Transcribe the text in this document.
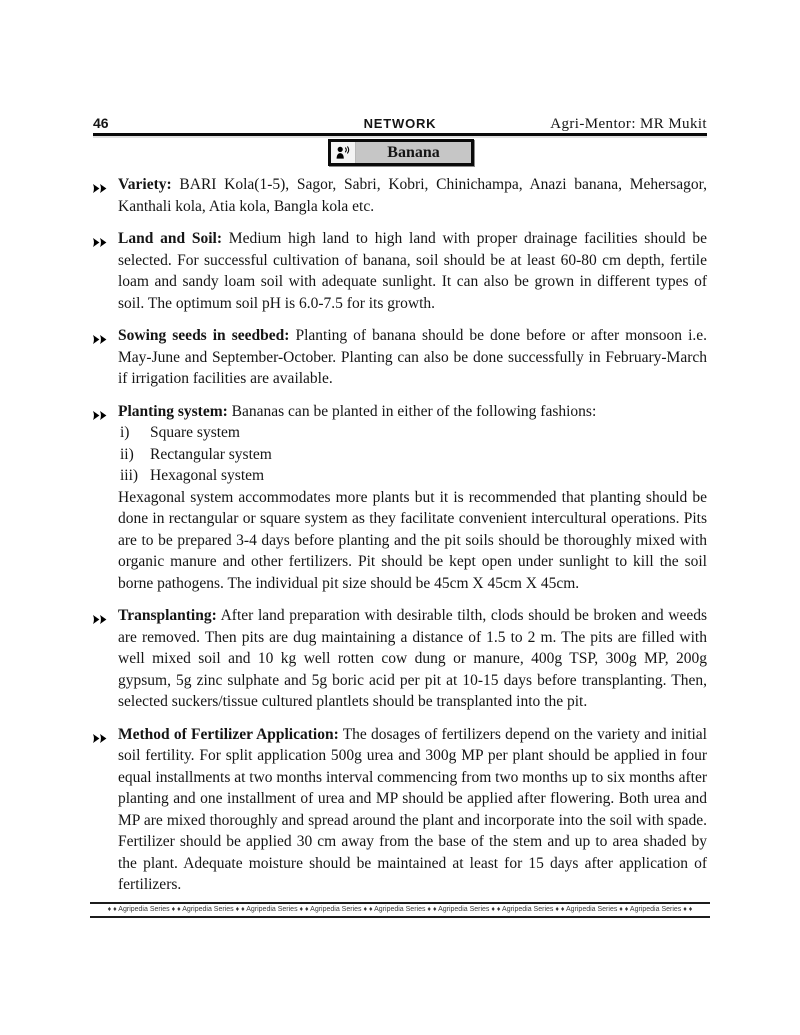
46	NETWORK	Agri-Mentor: MR Mukit
Banana

Variety: BARI Kola(1-5), Sagor, Sabri, Kobri, Chinichampa, Anazi banana, Mehersagor, Kanthali kola, Atia kola, Bangla kola etc.

Land and Soil: Medium high land to high land with proper drainage facilities should be selected. For successful cultivation of banana, soil should be at least 60-80 cm depth, fertile loam and sandy loam soil with adequate sunlight. It can also be grown in different types of soil. The optimum soil pH is 6.0-7.5 for its growth.

Sowing seeds in seedbed: Planting of banana should be done before or after monsoon i.e. May-June and September-October. Planting can also be done successfully in February-March if irrigation facilities are available.

Planting system: Bananas can be planted in either of the following fashions:

i)	Square system
ii)	Rectangular system
iii) Hexagonal system

Hexagonal system accommodates more plants but it is recommended that planting should be done in rectangular or square system as they facilitate convenient intercultural operations. Pits are to be prepared 3-4 days before planting and the pit soils should be thoroughly mixed with organic manure and other fertilizers. Pit should be kept open under sunlight to kill the soil borne pathogens. The individual pit size should be 45cm X 45cm X 45cm.

Transplanting: After land preparation with desirable tilth, clods should be broken and weeds are removed. Then pits are dug maintaining a distance of 1.5 to 2 m. The pits are filled with well mixed soil and 10 kg well rotten cow dung or manure, 400g TSP, 300g MP, 200g gypsum, 5g zinc sulphate and 5g boric acid per pit at 10-15 days before transplanting. Then, selected suckers/tissue cultured plantlets should be transplanted into the pit.

Method of Fertilizer Application: The dosages of fertilizers depend on the variety and initial soil fertility. For split application 500g urea and 300g MP per plant should be applied in four equal installments at two months interval commencing from two months up to six months after planting and one installment of urea and MP should be applied after flowering. Both urea and MP are mixed thoroughly and spread around the plant and incorporate into the soil with spade. Fertilizer should be applied 30 cm away from the base of the stem and up to area shaded by the plant. Adequate moisture should be maintained at least for 15 days after application of fertilizers.

♦ ♦ Agripedia Series ♦ ♦ Agripedia Series ♦ ♦ Agripedia Series ♦ ♦ Agripedia Series ♦ ♦ Agripedia Series ♦ ♦ Agripedia Series ♦ ♦ Agripedia Series ♦ ♦ Agripedia Series ♦ ♦ Agripedia Series ♦ ♦
